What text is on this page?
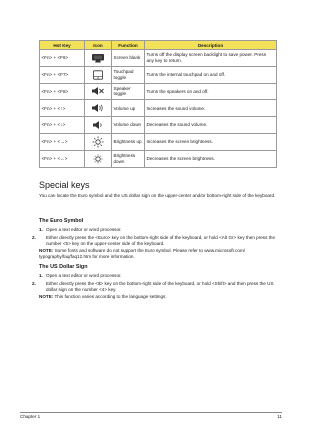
Hot Key	Icon	Function	Description
<Fn> + <F6>		Screen blank	Turns off the display screen backlight to save power. Press any key to return.
<Fn> + <F7>		Touchpad toggle	Turns the internal touchpad on and off.
<Fn> + <F8>		Speaker toggle	Turns the speakers on and off.
<Fn> + <↑>		Volume up	Increases the sound volume.
<Fn> + <↓>		Volume down	Decreases the sound volume.
<Fn> + <→>		Brightness up	Increases the screen brightness.
<Fn> + <←>		Brightness down	Decreases the screen brightness.
Special keys

You can locate the Euro symbol and the US dollar sign on the upper-center and/or bottom-right side of the keyboard.

The Euro Symbol
1. Open a text editor or word processor.
2. Either directly press the <Euro> key on the bottom-right side of the keyboard, or hold <Alt Gr> key then press the number <5> key on the upper-center side of the keyboard.
NOTE: Some fonts and software do not support the Euro symbol. Please refer to www.microsoft.com/ typography/faq/faq12.htm for more information.
The US Dollar Sign
1. Open a text editor or word processor.
2. Either directly press the <$> key on the bottom-right side of the keyboard, or hold <Shift> and then press the US dollar sign on the number <4> key.
NOTE: This function varies according to the language settings.
Chapter 1	11
